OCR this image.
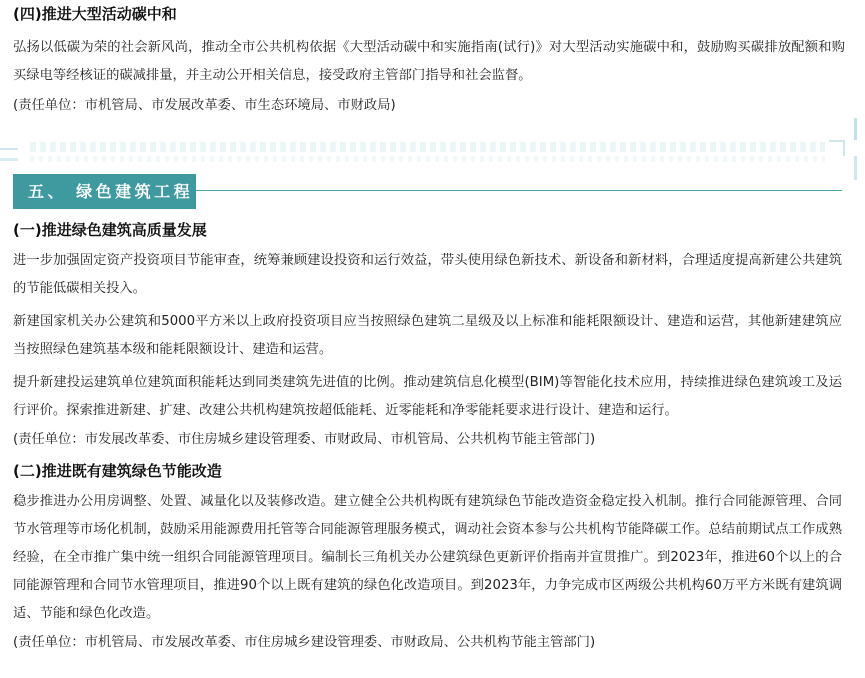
(四)推进大型活动碳中和

弘扬以低碳为荣的社会新风尚，推动全市公共机构依据《大型活动碳中和实施指南(试行)》对大型活动实施碳中和，鼓励购买碳排放配额和购买绿电等经核证的碳减排量，并主动公开相关信息，接受政府主管部门指导和社会监督。

(责任单位：市机管局、市发展改革委、市生态环境局、市财政局)

五、 绿色建筑工程

(一)推进绿色建筑高质量发展

进一步加强固定资产投资项目节能审查，统筹兼顾建设投资和运行效益，带头使用绿色新技术、新设备和新材料，合理适度提高新建公共建筑的节能低碳相关投入。

新建国家机关办公建筑和5000平方米以上政府投资项目应当按照绿色建筑二星级及以上标准和能耗限额设计、建造和运营，其他新建建筑应当按照绿色建筑基本级和能耗限额设计、建造和运营。

提升新建投运建筑单位建筑面积能耗达到同类建筑先进值的比例。推动建筑信息化模型(BIM)等智能化技术应用，持续推进绿色建筑竣工及运行评价。探索推进新建、扩建、改建公共机构建筑按超低能耗、近零能耗和净零能耗要求进行设计、建造和运行。

(责任单位：市发展改革委、市住房城乡建设管理委、市财政局、市机管局、公共机构节能主管部门)

(二)推进既有建筑绿色节能改造

稳步推进办公用房调整、处置、减量化以及装修改造。建立健全公共机构既有建筑绿色节能改造资金稳定投入机制。推行合同能源管理、合同节水管理等市场化机制，鼓励采用能源费用托管等合同能源管理服务模式，调动社会资本参与公共机构节能降碳工作。总结前期试点工作成熟经验，在全市推广集中统一组织合同能源管理项目。编制长三角机关办公建筑绿色更新评价指南并宣贯推广。到2023年，推进60个以上的合同能源管理和合同节水管理项目，推进90个以上既有建筑的绿色化改造项目。到2023年，力争完成市区两级公共机构60万平方米既有建筑调适、节能和绿色化改造。

(责任单位：市机管局、市发展改革委、市住房城乡建设管理委、市财政局、公共机构节能主管部门)
